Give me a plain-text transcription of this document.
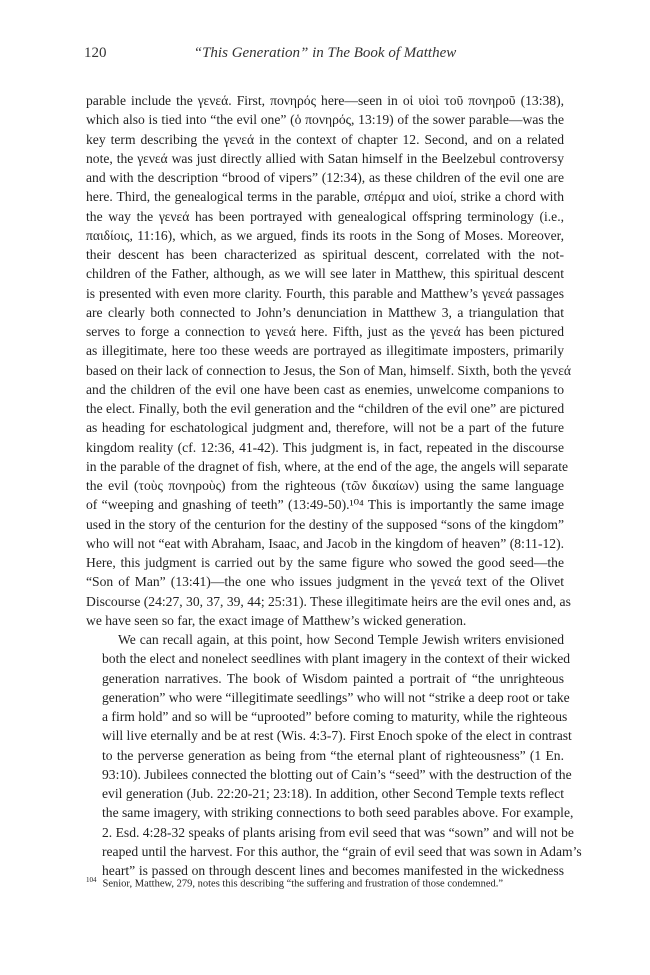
120	“This Generation” in The Book of Matthew

parable include the γενεά. First, πονηρός here—seen in οἱ υἱοὶ τοῦ πονηροῦ (13:38),
which also is tied into “the evil one” (ὁ πονηρός, 13:19) of the sower parable—was the
key term describing the γενεά in the context of chapter 12. Second, and on a related
note, the γενεά was just directly allied with Satan himself in the Beelzebul controversy
and with the description “brood of vipers” (12:34), as these children of the evil one are
here. Third, the genealogical terms in the parable, σπέρμα and υἱοί, strike a chord with
the way the γενεά has been portrayed with genealogical offspring terminology (i.e.,
παιδίοις, 11:16), which, as we argued, finds its roots in the Song of Moses. Moreover,
their descent has been characterized as spiritual descent, correlated with the not-
children of the Father, although, as we will see later in Matthew, this spiritual descent
is presented with even more clarity. Fourth, this parable and Matthew’s γενεά passages
are clearly both connected to John’s denunciation in Matthew 3, a triangulation that
serves to forge a connection to γενεά here. Fifth, just as the γενεά has been pictured
as illegitimate, here too these weeds are portrayed as illegitimate imposters, primarily
based on their lack of connection to Jesus, the Son of Man, himself. Sixth, both the γενεά
and the children of the evil one have been cast as enemies, unwelcome companions to
the elect. Finally, both the evil generation and the “children of the evil one” are pictured
as heading for eschatological judgment and, therefore, will not be a part of the future
kingdom reality (cf. 12:36, 41-42). This judgment is, in fact, repeated in the discourse
in the parable of the dragnet of fish, where, at the end of the age, the angels will separate
the evil (τοὺς πονηροὺς) from the righteous (τῶν δικαίων) using the same language
of “weeping and gnashing of teeth” (13:49-50).¹⁰⁴ This is importantly the same image
used in the story of the centurion for the destiny of the supposed “sons of the kingdom”
who will not “eat with Abraham, Isaac, and Jacob in the kingdom of heaven” (8:11-12).
Here, this judgment is carried out by the same figure who sowed the good seed—the
“Son of Man” (13:41)—the one who issues judgment in the γενεά text of the Olivet
Discourse (24:27, 30, 37, 39, 44; 25:31). These illegitimate heirs are the evil ones and, as
we have seen so far, the exact image of Matthew’s wicked generation.

We can recall again, at this point, how Second Temple Jewish writers envisioned
both the elect and nonelect seedlines with plant imagery in the context of their wicked
generation narratives. The book of Wisdom painted a portrait of “the unrighteous
generation” who were “illegitimate seedlings” who will not “strike a deep root or take
a firm hold” and so will be “uprooted” before coming to maturity, while the righteous
will live eternally and be at rest (Wis. 4:3-7). First Enoch spoke of the elect in contrast
to the perverse generation as being from “the eternal plant of righteousness” (1 En.
93:10). Jubilees connected the blotting out of Cain’s “seed” with the destruction of the
evil generation (Jub. 22:20-21; 23:18). In addition, other Second Temple texts reflect
the same imagery, with striking connections to both seed parables above. For example,
2. Esd. 4:28-32 speaks of plants arising from evil seed that was “sown” and will not be
reaped until the harvest. For this author, the “grain of evil seed that was sown in Adam’s
heart” is passed on through descent lines and becomes manifested in the wickedness

$^{104}$ Senior, Matthew, 279, notes this describing “the suffering and frustration of those condemned.”
